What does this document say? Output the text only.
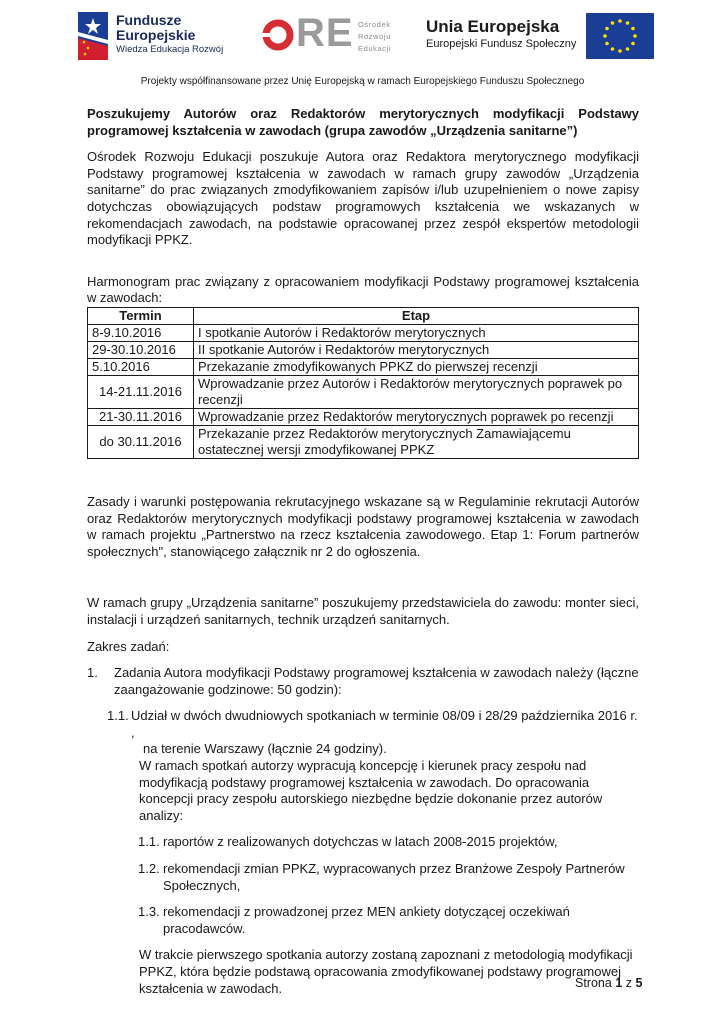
Fundusze
Europejskie
Wiedza Edukacja Rozwój RE Ośrodek
Rozwoju
Edukacji
Unia Europejska
Europejski Fundusz Społeczny
Projekty współfinansowane przez Unię Europejską w ramach Europejskiego Funduszu Społecznego

Poszukujemy Autorów oraz Redaktorów merytorycznych modyfikacji Podstawy programowej kształcenia w zawodach (grupa zawodów „Urządzenia sanitarne”)

Ośrodek Rozwoju Edukacji poszukuje Autora oraz Redaktora merytorycznego modyfikacji Podstawy programowej kształcenia w zawodach w ramach grupy zawodów „Urządzenia sanitarne” do prac związanych zmodyfikowaniem zapisów i/lub uzupełnieniem o nowe zapisy dotychczas obowiązujących podstaw programowych kształcenia we wskazanych w rekomendacjach zawodach, na podstawie opracowanej przez zespół ekspertów metodologii modyfikacji PPKZ.

Harmonogram prac związany z opracowaniem modyfikacji Podstawy programowej kształcenia w zawodach:

Termin	Etap
8-9.10.2016	I spotkanie Autorów i Redaktorów merytorycznych
29-30.10.2016	II spotkanie Autorów i Redaktorów merytorycznych
5.10.2016	Przekazanie zmodyfikowanych PPKZ do pierwszej recenzji
14-21.11.2016	Wprowadzanie przez Autorów i Redaktorów merytorycznych poprawek po recenzji
21-30.11.2016	Wprowadzanie przez Redaktorów merytorycznych poprawek po recenzji
do 30.11.2016	Przekazanie przez Redaktorów merytorycznych Zamawiającemu ostatecznej wersji zmodyfikowanej PPKZ

Zasady i warunki postępowania rekrutacyjnego wskazane są w Regulaminie rekrutacji Autorów oraz Redaktorów merytorycznych modyfikacji podstawy programowej kształcenia w zawodach w ramach projektu „Partnerstwo na rzecz kształcenia zawodowego. Etap 1: Forum partnerów społecznych", stanowiącego załącznik nr 2 do ogłoszenia.

W ramach grupy „Urządzenia sanitarne” poszukujemy przedstawiciela do zawodu: monter sieci, instalacji i urządzeń sanitarnych, technik urządzeń sanitarnych.

Zakres zadań:

1. Zadania Autora modyfikacji Podstawy programowej kształcenia w zawodach należy (łączne zaangażowanie godzinowe: 50 godzin):
1.1. Udział w dwóch dwudniowych spotkaniach w terminie 08/09 i 28/29 października 2016 r. ,
na terenie Warszawy (łącznie 24 godziny).
W ramach spotkań autorzy wypracują koncepcję i kierunek pracy zespołu nad modyfikacją podstawy programowej kształcenia w zawodach. Do opracowania koncepcji pracy zespołu autorskiego niezbędne będzie dokonanie przez autorów analizy:
1.1. raportów z realizowanych dotychczas w latach 2008-2015 projektów,
1.2. rekomendacji zmian PPKZ, wypracowanych przez Branżowe Zespoły Partnerów Społecznych,
1.3. rekomendacji z prowadzonej przez MEN ankiety dotyczącej oczekiwań pracodawców.
W trakcie pierwszego spotkania autorzy zostaną zapoznani z metodologią modyfikacji PPKZ, która będzie podstawą opracowania zmodyfikowanej podstawy programowej kształcenia w zawodach.	Strona 1 z 5
